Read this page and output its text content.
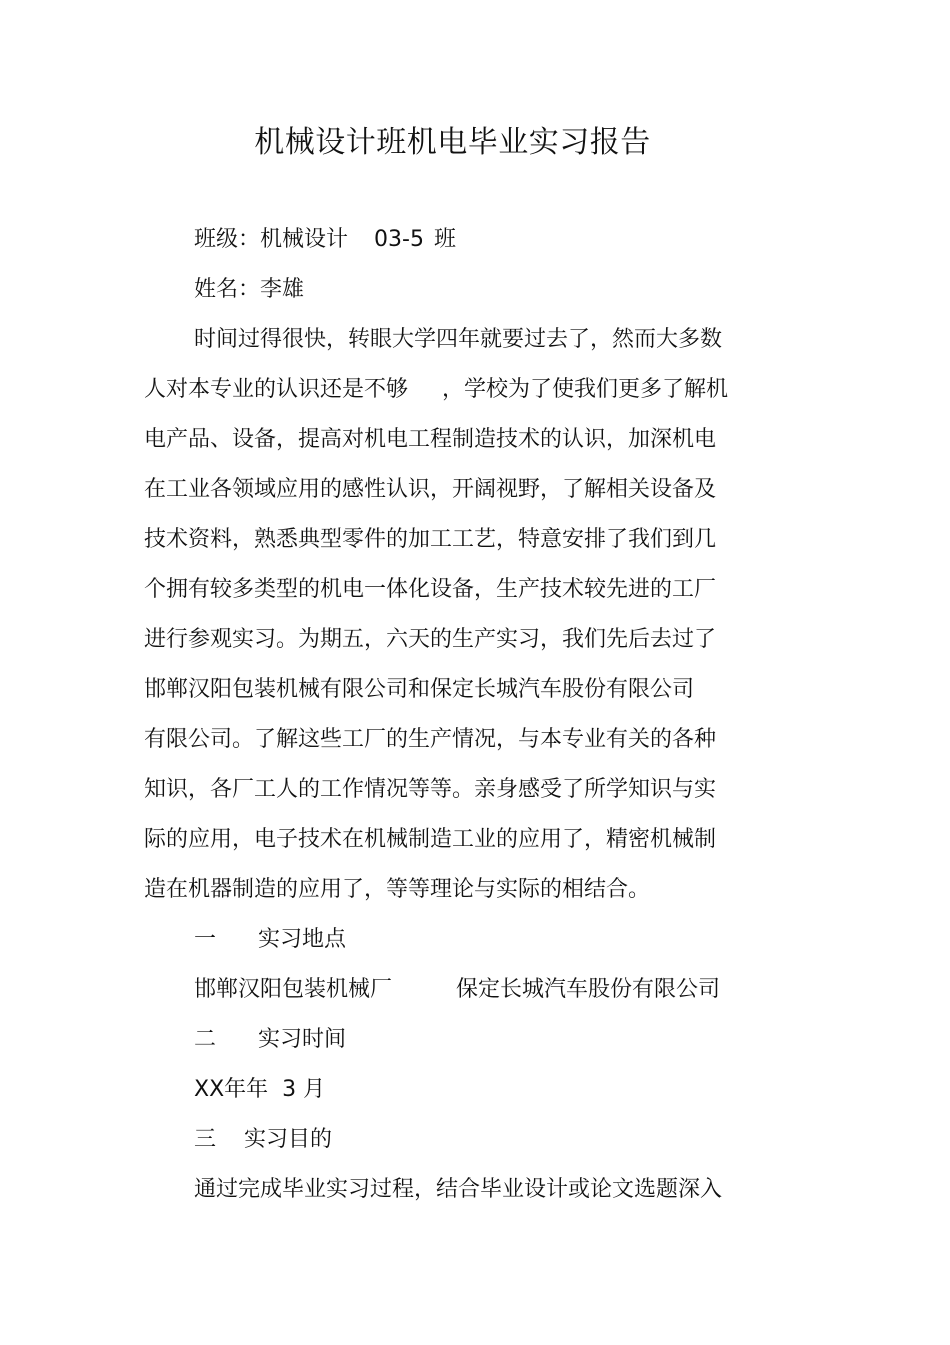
机械设计班机电毕业实习报告
班级：机械设计 03-5 班
姓名：李雄
时间过得很快，转眼大学四年就要过去了，然而大多数
人对本专业的认识还是不够 ，学校为了使我们更多了解机
电产品、设备，提高对机电工程制造技术的认识，加深机电
在工业各领域应用的感性认识，开阔视野，了解相关设备及
技术资料，熟悉典型零件的加工工艺，特意安排了我们到几
个拥有较多类型的机电一体化设备，生产技术较先进的工厂
进行参观实习。为期五，六天的生产实习，我们先后去过了
邯郸汉阳包装机械有限公司和保定长城汽车股份有限公司
有限公司。了解这些工厂的生产情况，与本专业有关的各种
知识，各厂工人的工作情况等等。亲身感受了所学知识与实
际的应用，电子技术在机械制造工业的应用了，精密机械制
造在机器制造的应用了，等等理论与实际的相结合。
一 实习地点
邯郸汉阳包装机械厂	保定长城汽车股份有限公司
二 实习时间
XX年年 3 月
三 实习目的
通过完成毕业实习过程，结合毕业设计或论文选题深入
